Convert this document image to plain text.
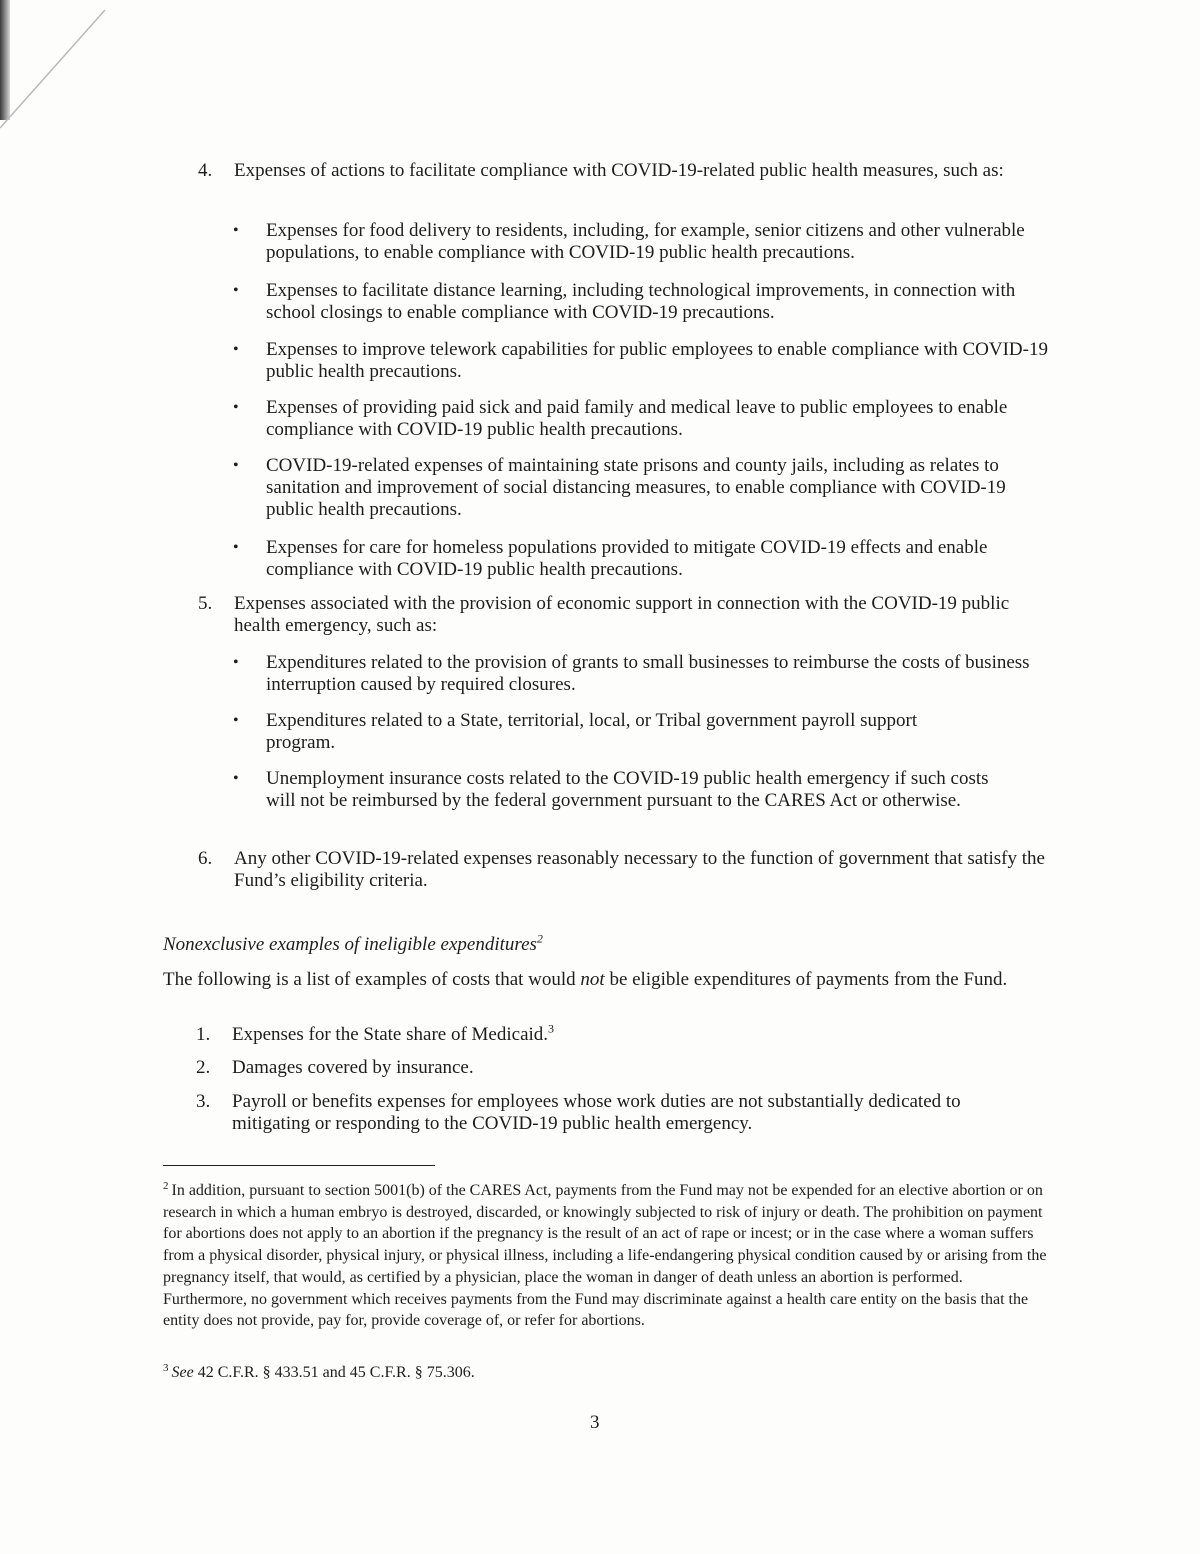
4.	Expenses of actions to facilitate compliance with COVID-19-related public health measures, such as:
• Expenses for food delivery to residents, including, for example, senior citizens and other vulnerable populations, to enable compliance with COVID-19 public health precautions.
• Expenses to facilitate distance learning, including technological improvements, in connection with school closings to enable compliance with COVID-19 precautions.
• Expenses to improve telework capabilities for public employees to enable compliance with COVID-19 public health precautions.
• Expenses of providing paid sick and paid family and medical leave to public employees to enable compliance with COVID-19 public health precautions.
• COVID-19-related expenses of maintaining state prisons and county jails, including as relates to sanitation and improvement of social distancing measures, to enable compliance with COVID-19 public health precautions.
• Expenses for care for homeless populations provided to mitigate COVID-19 effects and enable compliance with COVID-19 public health precautions.
5.	Expenses associated with the provision of economic support in connection with the COVID-19 public health emergency, such as:
• Expenditures related to the provision of grants to small businesses to reimburse the costs of business interruption caused by required closures.
• Expenditures related to a State, territorial, local, or Tribal government payroll support program.
• Unemployment insurance costs related to the COVID-19 public health emergency if such costs will not be reimbursed by the federal government pursuant to the CARES Act or otherwise.
6.	Any other COVID-19-related expenses reasonably necessary to the function of government that satisfy the Fund’s eligibility criteria.
Nonexclusive examples of ineligible expenditures$^2$
The following is a list of examples of costs that would not be eligible expenditures of payments from the Fund.
1. Expenses for the State share of Medicaid.$^3$
2. Damages covered by insurance.
3. Payroll or benefits expenses for employees whose work duties are not substantially dedicated to mitigating or responding to the COVID-19 public health emergency.
$^2$ In addition, pursuant to section 5001(b) of the CARES Act, payments from the Fund may not be expended for an elective abortion or on research in which a human embryo is destroyed, discarded, or knowingly subjected to risk of injury or death. The prohibition on payment for abortions does not apply to an abortion if the pregnancy is the result of an act of rape or incest; or in the case where a woman suffers from a physical disorder, physical injury, or physical illness, including a life-endangering physical condition caused by or arising from the pregnancy itself, that would, as certified by a physician, place the woman in danger of death unless an abortion is performed. Furthermore, no government which receives payments from the Fund may discriminate against a health care entity on the basis that the entity does not provide, pay for, provide coverage of, or refer for abortions.
$^3$ See 42 C.F.R. § 433.51 and 45 C.F.R. § 75.306.
3
